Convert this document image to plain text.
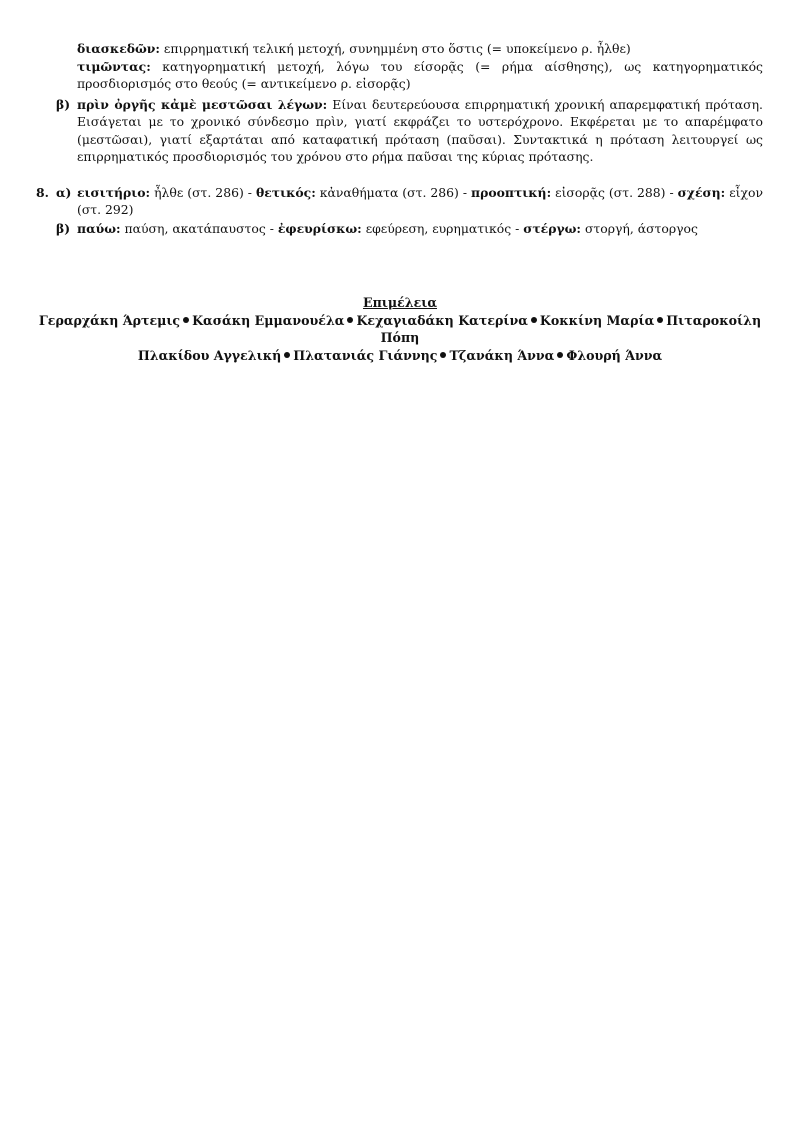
διασκεδῶν: επιρρηματική τελική μετοχή, συνημμένη στο ὅστις (= υποκείμενο ρ. ἦλθε)
τιμῶντας: κατηγορηματική μετοχή, λόγω του είσορᾷς (= ρήμα αίσθησης), ως κατηγορηματικός προσδιορισμός στο θεούς (= αντικείμενο ρ. εἰσορᾷς)
β) πρὶν ὀργῆς κἀμὲ μεστῶσαι λέγων: Είναι δευτερεύουσα επιρρηματική χρονική απαρεμφατική πρόταση. Εισάγεται με το χρονικό σύνδεσμο πρὶν, γιατί εκφράζει το υστερόχρονο. Εκφέρεται με το απαρέμφατο (μεστῶσαι), γιατί εξαρτάται από καταφατική πρόταση (παῦσαι). Συντακτικά η πρόταση λειτουργεί ως επιρρηματικός προσδιορισμός του χρόνου στο ρήμα παῦσαι της κύριας πρότασης.
8. α) εισιτήριο: ἦλθε (στ. 286) - θετικός: κἀναθήματα (στ. 286) - προοπτική: εἰσορᾷς (στ. 288) - σχέση: εἶχον (στ. 292)
β) παύω: παύση, ακατάπαυστος - ἐφευρίσκω: εφεύρεση, ευρηματικός - στέργω: στοργή, άστοργος
Επιμέλεια
Γεραρχάκη Άρτεμις Κασάκη Εμμανουέλα Κεχαγιαδάκη Κατερίνα Κοκκίνη Μαρία Πιταροκοίλη Πόπη
Πλακίδου Αγγελική Πλατανιάς Γιάννης Τζανάκη Άννα Φλουρή Άννα
